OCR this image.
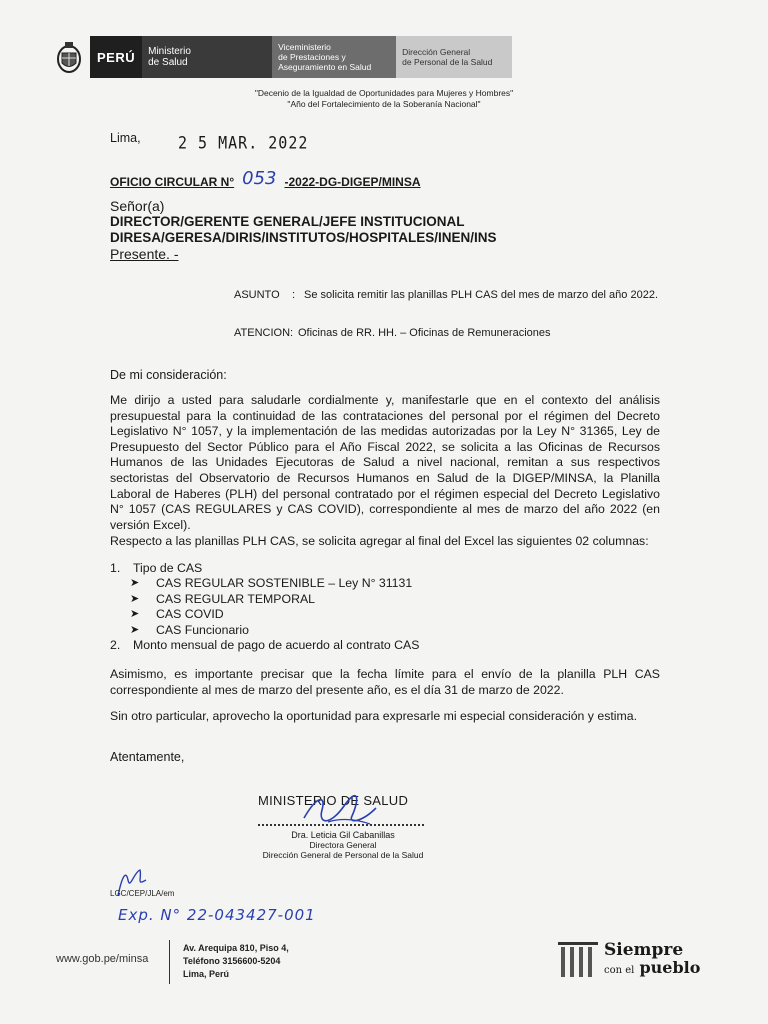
PERÚ Ministerio
de Salud
Viceministerio
de Prestaciones y
Aseguramiento en Salud
Dirección General
de Personal de la Salud
"Decenio de la Igualdad de Oportunidades para Mujeres y Hombres"
"Año del Fortalecimiento de la Soberanía Nacional"
Lima, 2 5 MAR. 2022
OFICIO CIRCULAR N° 053 -2022-DG-DIGEP/MINSA
Señor(a)
DIRECTOR/GERENTE GENERAL/JEFE INSTITUCIONAL
DIRESA/GERESA/DIRIS/INSTITUTOS/HOSPITALES/INEN/INS
Presente. -
ASUNTO	: Se solicita remitir las planillas PLH CAS del mes de marzo del año 2022.
ATENCION: Oficinas de RR. HH. – Oficinas de Remuneraciones
De mi consideración:
Me dirijo a usted para saludarle cordialmente y, manifestarle que en el contexto del análisis presupuestal para la continuidad de las contrataciones del personal por el régimen del Decreto Legislativo N° 1057, y la implementación de las medidas autorizadas por la Ley N° 31365, Ley de Presupuesto del Sector Público para el Año Fiscal 2022, se solicita a las Oficinas de Recursos Humanos de las Unidades Ejecutoras de Salud a nivel nacional, remitan a sus respectivos sectoristas del Observatorio de Recursos Humanos en Salud de la DIGEP/MINSA, la Planilla Laboral de Haberes (PLH) del personal contratado por el régimen especial del Decreto Legislativo N° 1057 (CAS REGULARES y CAS COVID), correspondiente al mes de marzo del año 2022 (en versión Excel).
Respecto a las planillas PLH CAS, se solicita agregar al final del Excel las siguientes 02 columnas:
1.	Tipo de CAS
➤	CAS REGULAR SOSTENIBLE – Ley N° 31131
➤	CAS REGULAR TEMPORAL
➤	CAS COVID
➤	CAS Funcionario
2.	Monto mensual de pago de acuerdo al contrato CAS
Asimismo, es importante precisar que la fecha límite para el envío de la planilla PLH CAS correspondiente al mes de marzo del presente año, es el día 31 de marzo de 2022.
Sin otro particular, aprovecho la oportunidad para expresarle mi especial consideración y estima.
Atentamente,
MINISTERIO DE SALUD
Dra. Leticia Gil Cabanillas
Directora General
Dirección General de Personal de la Salud
LGC/CEP/JLA/em
Exp. N° 22-043427-001
www.gob.pe/minsa
Av. Arequipa 810, Piso 4,
Teléfono 3156600-5204
Lima, Perú
Siempre
con el pueblo
